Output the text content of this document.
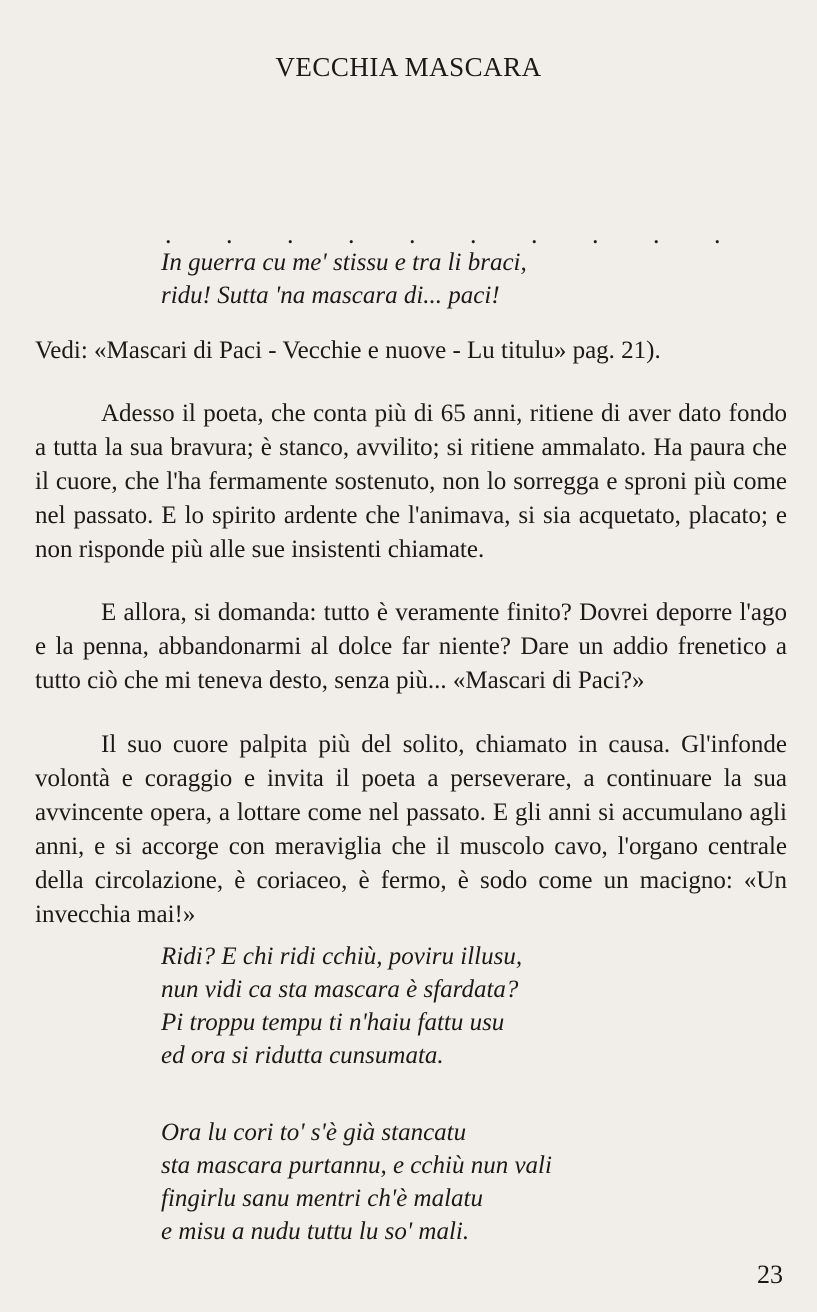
VECCHIA MASCARA
. . . . . . . . . .
In guerra cu me' stissu e tra li braci,
ridu! Sutta 'na mascara di... paci!
Vedi: «Mascari di Paci - Vecchie e nuove - Lu titulu» pag. 21).

Adesso il poeta, che conta più di 65 anni, ritiene di aver dato fondo a tutta la sua bravura; è stanco, avvilito; si ritiene ammalato. Ha paura che il cuore, che l'ha fermamente sostenuto, non lo sorregga e sproni più come nel passato. E lo spirito ardente che l'animava, si sia acquetato, placato; e non risponde più alle sue insistenti chiamate.

E allora, si domanda: tutto è veramente finito? Dovrei deporre l'ago e la penna, abbandonarmi al dolce far niente? Dare un addio frenetico a tutto ciò che mi teneva desto, senza più... «Mascari di Paci?»

Il suo cuore palpita più del solito, chiamato in causa. Gl'infonde volontà e coraggio e invita il poeta a perseverare, a continuare la sua avvincente opera, a lottare come nel passato. E gli anni si accumulano agli anni, e si accorge con meraviglia che il muscolo cavo, l'organo centrale della circolazione, è coriaceo, è fermo, è sodo come un macigno: «Un invecchia mai!»

Ridi? E chi ridi cchiù, poviru illusu,
nun vidi ca sta mascara è sfardata?
Pi troppu tempu ti n'haiu fattu usu
ed ora si ridutta cunsumata.
Ora lu cori to' s'è già stancatu
sta mascara purtannu, e cchiù nun vali
fingirlu sanu mentri ch'è malatu
e misu a nudu tuttu lu so' mali.
23
